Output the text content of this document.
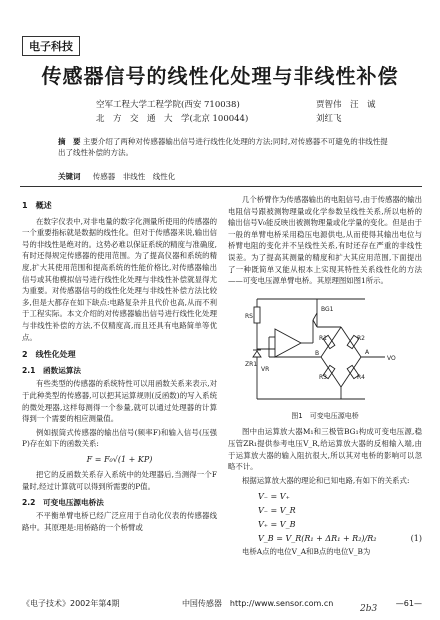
电子科技
传感器信号的线性化处理与非线性补偿
空军工程大学工程学院(西安 710038)	贾智伟　汪　诚
北　方　交　通　大　学(北京 100044)	刘红飞
摘　要 主要介绍了两种对传感器输出信号进行线性化处理的方法;同时,对传感器不可避免的非线性提出了线性补偿的方法。
关键词 　 传感器　非线性　线性化
1　概述

在数字仪表中,对非电量的数字化测量所使用的传感器的一个重要指标就是数据的线性化。但对于传感器来说,输出信号的非线性是绝对的。这势必难以保证系统的精度与准确度,有时还得规定传感器的使用范围。为了提高仪器和系统的精度,扩大其使用范围和提高系统的性能价格比,对传感器输出信号或其他模拟信号进行线性化处理与非线性补偿就显得尤为重要。对传感器信号的线性化处理与非线性补偿方法比较多,但是大都存在如下缺点:电路复杂并且代价也高,从而不利于工程实际。本文介绍的对传感器输出信号进行线性化处理与非线性补偿的方法,不仅精度高,而且还具有电路简单等优点。

2　线性化处理
2.1　函数运算法

有些类型的传感器的系统特性可以用函数关系来表示,对于此种类型的传感器,可以把其运算规则(反函数)的写入系统的微处理器,这样每测得一个参量,就可以通过处理器的计算得到一个需要的相应测量值。

例如振筒式传感器的输出信号(频率F)和输入信号(压强P)存在如下的函数关系:

F = F₀√(1 + KP)

把它的反函数关系存入系统中的处理器后,当测得一个F量时,经过计算就可以得到所需要的P值。

2.2　可变电压源电桥法

不平衡单臂电桥已经广泛应用于自动化仪表的传感器线路中。其原理是:用桥路的一个桥臂或

几个桥臂作为传感器输出的电阻信号,由于传感器的输出电阻信号跟被测物理量或化学参数呈线性关系,所以电桥的输出信号V₀能反映出被测物理量或化学量的变化。但是由于一般的单臂电桥采用稳压电源供电,从而使得其输出电位与桥臂电阻的变化并不呈线性关系,有时还存在严重的非线性误差。为了提高其测量的精度和扩大其应用范围,下面提出了一种既简单又能从根本上实现其特性关系线性化的方法——可变电压源单臂电桥。其原理图如图1所示。

RS
BG1
ZR1
VR
R1	R2
R3	R4
A
B
VO
图1　可变电压源电桥

图中由运算放大器M₁和三极管BG₁构成可变电压源,稳压管ZR₁提供参考电压V_R,给运算放大器的反相输入端,由于运算放大器的输入阻抗很大,所以其对电桥的影响可以忽略不计。

根据运算放大器的理论和已知电路,有如下的关系式:

V₋ = V₊
V₋ = V_R
V₊ = V_B
V_B = V_R(R₁ + ΔR₁ + R₂)/R₂	(1)

电桥A点的电位V_A和B点的电位V_B为

《电子技术》2002年第4期	中国传感器　http://www.sensor.com.cn	—61—
2b3
